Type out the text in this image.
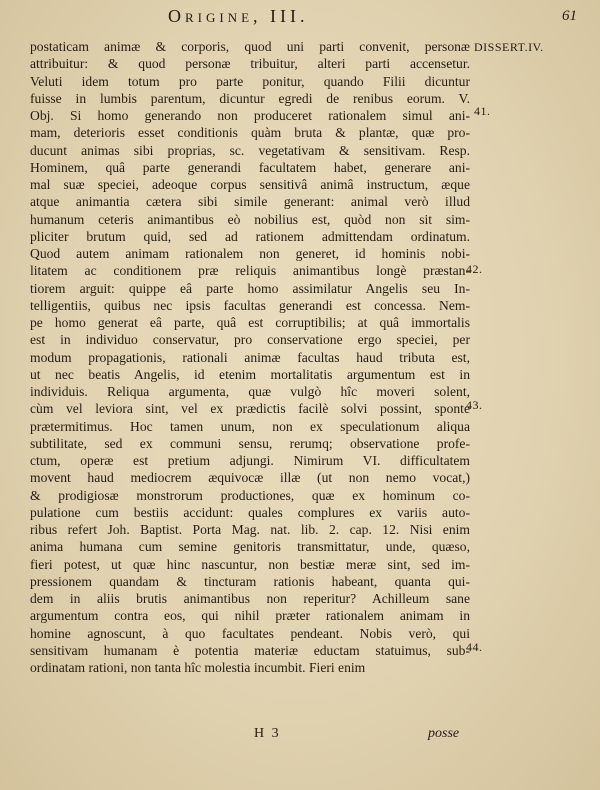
Origine, III.	61
postaticam animæ & corporis, quod uni parti convenit, personæ
attribuitur: & quod personæ tribuitur, alteri parti accensetur.
Veluti idem totum pro parte ponitur, quando Filii dicuntur
fuisse in lumbis parentum, dicuntur egredi de renibus eorum. V.
Obj. Si homo generando non produceret rationalem simul ani-
mam, deterioris esset conditionis quàm bruta & plantæ, quæ pro-
ducunt animas sibi proprias, sc. vegetativam & sensitivam. Resp.
Hominem, quâ parte generandi facultatem habet, generare ani-
mal suæ speciei, adeoque corpus sensitivâ animâ instructum, æque
atque animantia cætera sibi simile generant: animal verò illud
humanum ceteris animantibus eò nobilius est, quòd non sit sim-
pliciter brutum quid, sed ad rationem admittendam ordinatum.
Quod autem animam rationalem non generet, id hominis nobi-
litatem ac conditionem præ reliquis animantibus longè præstan-
tiorem arguit: quippe eâ parte homo assimilatur Angelis seu In-
telligentiis, quibus nec ipsis facultas generandi est concessa. Nem-
pe homo generat eâ parte, quâ est corruptibilis; at quâ immortalis
est in individuo conservatur, pro conservatione ergo speciei, per
modum propagationis, rationali animæ facultas haud tributa est,
ut nec beatis Angelis, id etenim mortalitatis argumentum est in
individuis. Reliqua argumenta, quæ vulgò hîc moveri solent,
cùm vel leviora sint, vel ex prædictis facilè solvi possint, sponte
prætermitimus. Hoc tamen unum, non ex speculationum aliqua
subtilitate, sed ex communi sensu, rerumq; observatione profe-
ctum, operæ est pretium adjungi. Nimirum VI. difficultatem
movent haud mediocrem æquivocæ illæ (ut non nemo vocat,)
& prodigiosæ monstrorum productiones, quæ ex hominum co-
pulatione cum bestiis accidunt: quales complures ex variis auto-
ribus refert Joh. Baptist. Porta Mag. nat. lib. 2. cap. 12. Nisi enim
anima humana cum semine genitoris transmittatur, unde, quæso,
fieri potest, ut quæ hinc nascuntur, non bestiæ meræ sint, sed im-
pressionem quandam & tincturam rationis habeant, quanta qui-
dem in aliis brutis animantibus non reperitur? Achilleum sane
argumentum contra eos, qui nihil præter rationalem animam in
homine agnoscunt, à quo facultates pendeant. Nobis verò, qui
sensitivam humanam è potentia materiæ eductam statuimus, sub-
ordinatam rationi, non tanta hîc molestia incumbit. Fieri enim
DISSERT.IV.
41.
42.
43.
44.
H 3	posse
